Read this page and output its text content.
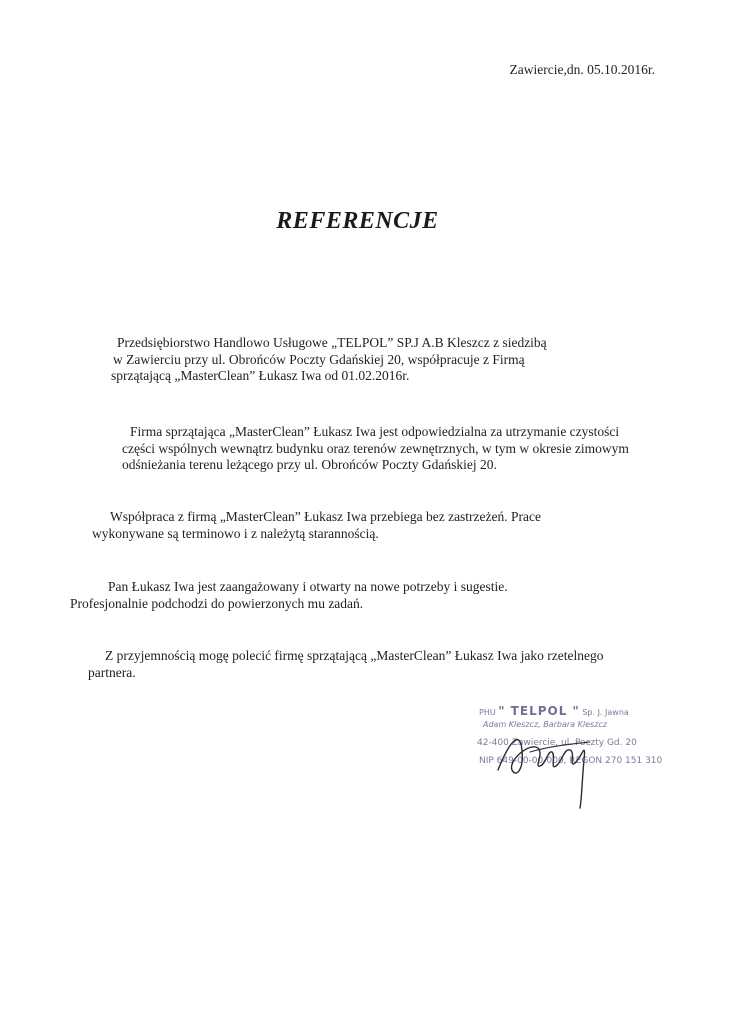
Zawiercie,dn. 05.10.2016r.
REFERENCJE
Przedsiębiorstwo Handlowo Usługowe „TELPOL” SP.J A.B Kleszcz z siedzibą
w Zawierciu przy ul. Obrońców Poczty Gdańskiej 20, współpracuje z Firmą
sprzątającą „MasterClean” Łukasz Iwa od 01.02.2016r.
Firma sprzątająca „MasterClean” Łukasz Iwa jest odpowiedzialna za utrzymanie czystości
części wspólnych wewnątrz budynku oraz terenów zewnętrznych, w tym w okresie zimowym
odśnieżania terenu leżącego przy ul. Obrońców Poczty Gdańskiej 20.
Współpraca z firmą „MasterClean” Łukasz Iwa przebiega bez zastrzeżeń. Prace
wykonywane są terminowo i z należytą starannością.
Pan Łukasz Iwa jest zaangażowany i otwarty na nowe potrzeby i sugestie.
Profesjonalnie podchodzi do powierzonych mu zadań.
Z przyjemnością mogę polecić firmę sprzątającą „MasterClean” Łukasz Iwa jako rzetelnego
partnera.
PHU " TELPOL " Sp. J. Jawna
Adam Kleszcz, Barbara Kleszcz
42-400 Zawiercie, ul. Poczty Gd. 20
NIP 649-00-00-000, REGON 270 151 310
